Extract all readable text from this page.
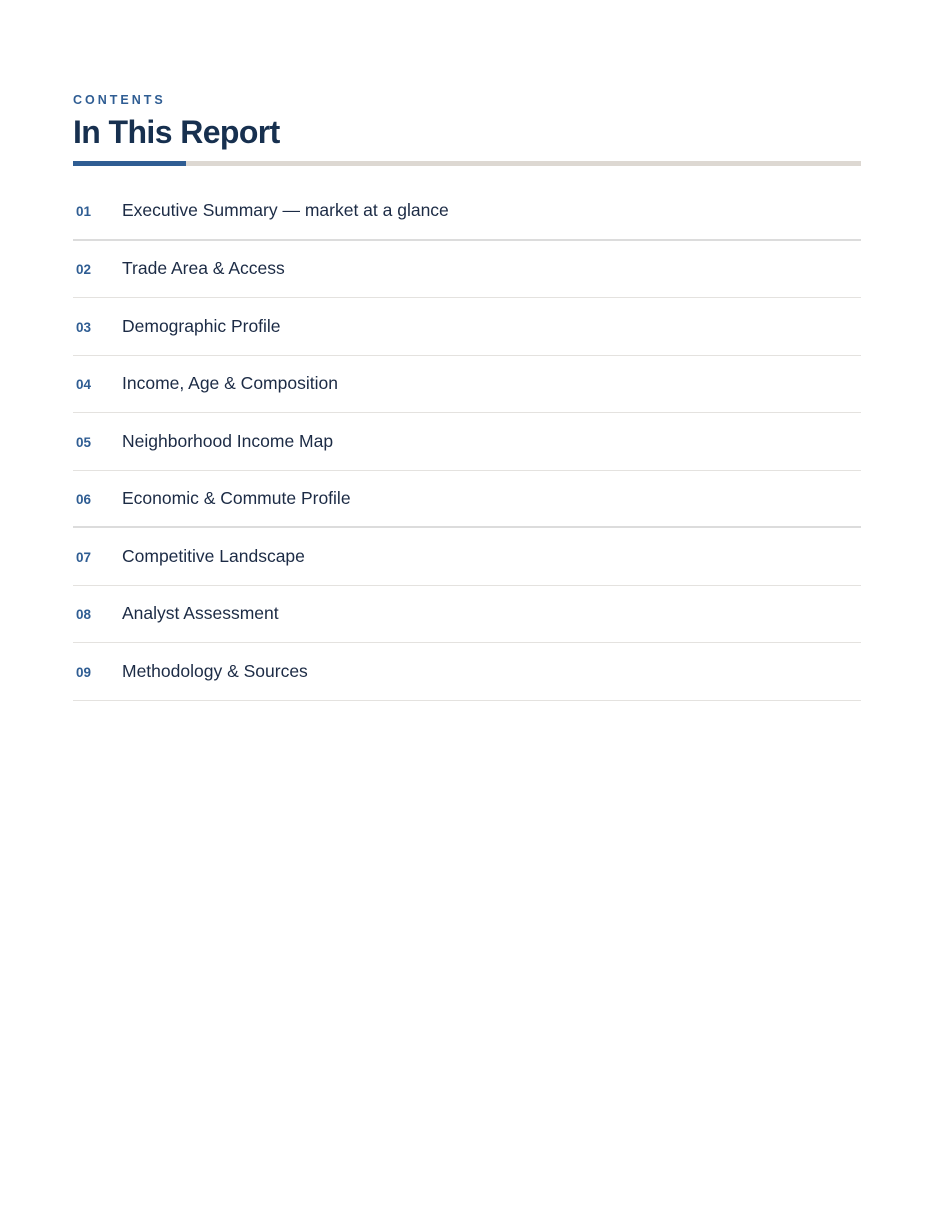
CONTENTS
In This Report
01	Executive Summary — market at a glance
02	Trade Area & Access
03	Demographic Profile
04	Income, Age & Composition
05	Neighborhood Income Map
06	Economic & Commute Profile
07	Competitive Landscape
08	Analyst Assessment
09	Methodology & Sources
